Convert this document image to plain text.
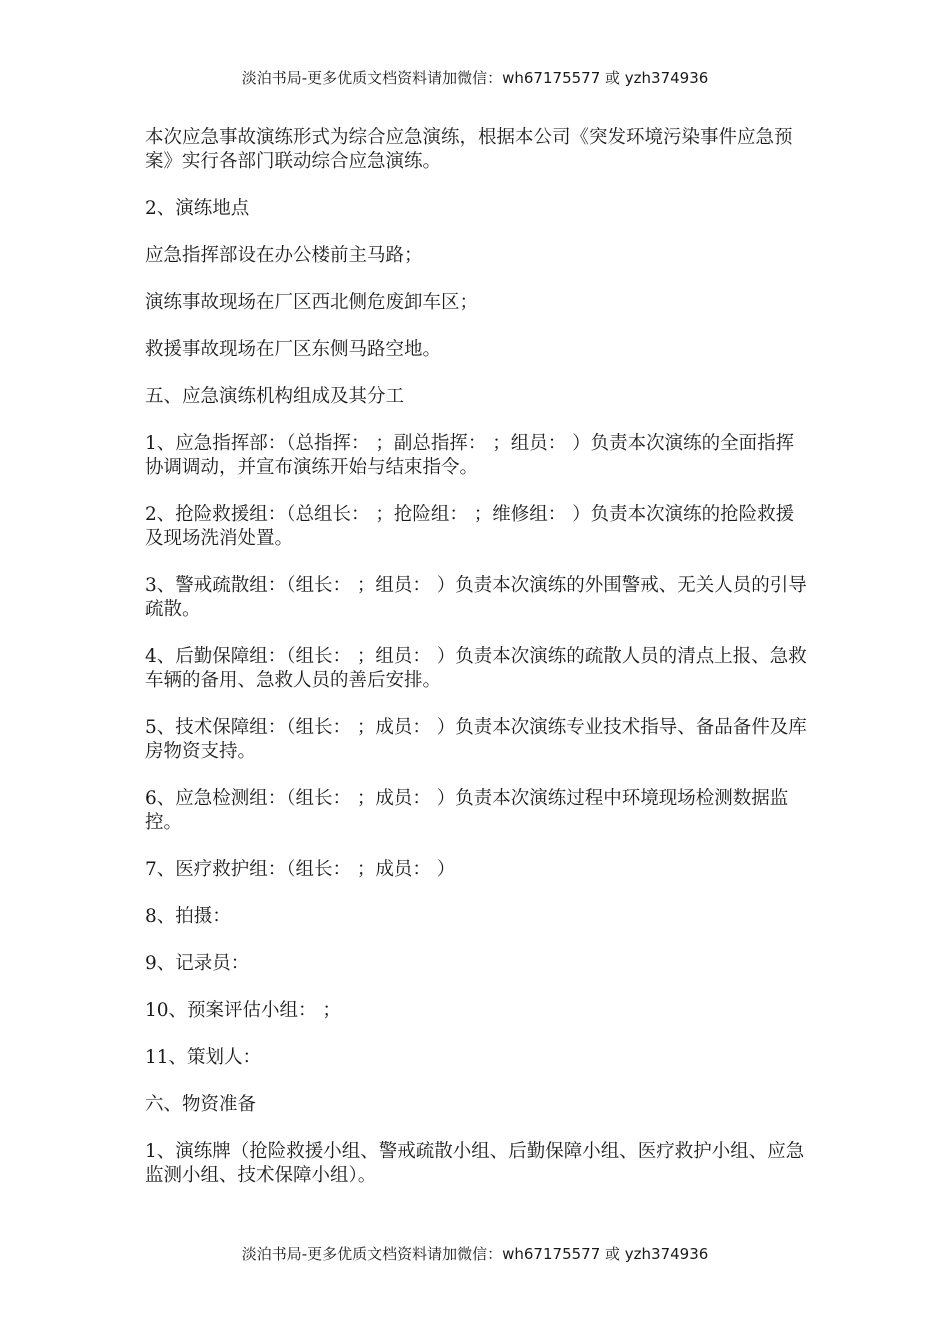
淡泊书局-更多优质文档资料请加微信：wh67175577 或 yzh374936

本次应急事故演练形式为综合应急演练，根据本公司《突发环境污染事件应急预案》实行各部门联动综合应急演练。

2、演练地点

应急指挥部设在办公楼前主马路；

演练事故现场在厂区西北侧危废卸车区；

救援事故现场在厂区东侧马路空地。

五、应急演练机构组成及其分工

1、应急指挥部：（总指挥： ；副总指挥： ；组员： ）负责本次演练的全面指挥协调调动，并宣布演练开始与结束指令。

2、抢险救援组：（总组长： ；抢险组： ；维修组： ）负责本次演练的抢险救援及现场洗消处置。

3、警戒疏散组：（组长： ；组员： ）负责本次演练的外围警戒、无关人员的引导疏散。

4、后勤保障组：（组长： ；组员： ）负责本次演练的疏散人员的清点上报、急救车辆的备用、急救人员的善后安排。

5、技术保障组：（组长： ；成员： ）负责本次演练专业技术指导、备品备件及库房物资支持。

6、应急检测组：（组长： ；成员： ）负责本次演练过程中环境现场检测数据监控。

7、医疗救护组：（组长： ；成员： ）

8、拍摄：

9、记录员：

10、预案评估小组： ；

11、策划人：

六、物资准备

1、演练牌（抢险救援小组、警戒疏散小组、后勤保障小组、医疗救护小组、应急监测小组、技术保障小组）。

淡泊书局-更多优质文档资料请加微信：wh67175577 或 yzh374936
